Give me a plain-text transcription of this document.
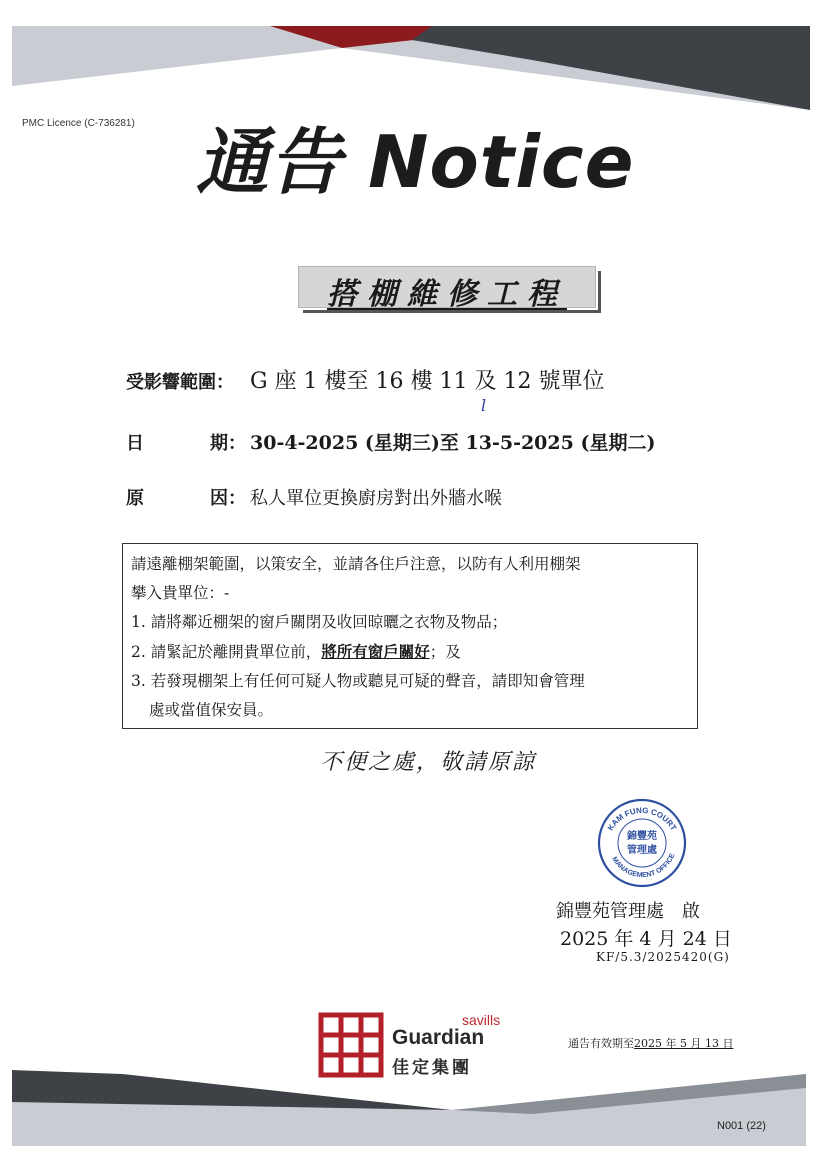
PMC Licence (C-736281) 通告 Notice
搭棚維修工程
受影響範圍： G 座 1 樓至 16 樓 11 及 12 號單位
l
日	期： 30-4-2025 (星期三)至 13-5-2025 (星期二)
原	因： 私人單位更換廚房對出外牆水喉
請遠離棚架範圍，以策安全，並請各住戶注意，以防有人利用棚架
攀入貴單位：-
1. 請將鄰近棚架的窗戶關閉及收回晾曬之衣物及物品；
2. 請緊記於離開貴單位前，將所有窗戶關好；及
3. 若發現棚架上有任何可疑人物或聽見可疑的聲音，請即知會管理
處或當值保安員。
不便之處，敬請原諒
KAM FUNG COURT
錦豐苑
管理處
MANAGEMENT OFFICE
錦豐苑管理處　啟
2025 年 4 月 24 日
KF/5.3/2025420(G)
savills
Guardian
佳定集團
通告有效期至2025 年 5 月 13 日
N001 (22)
